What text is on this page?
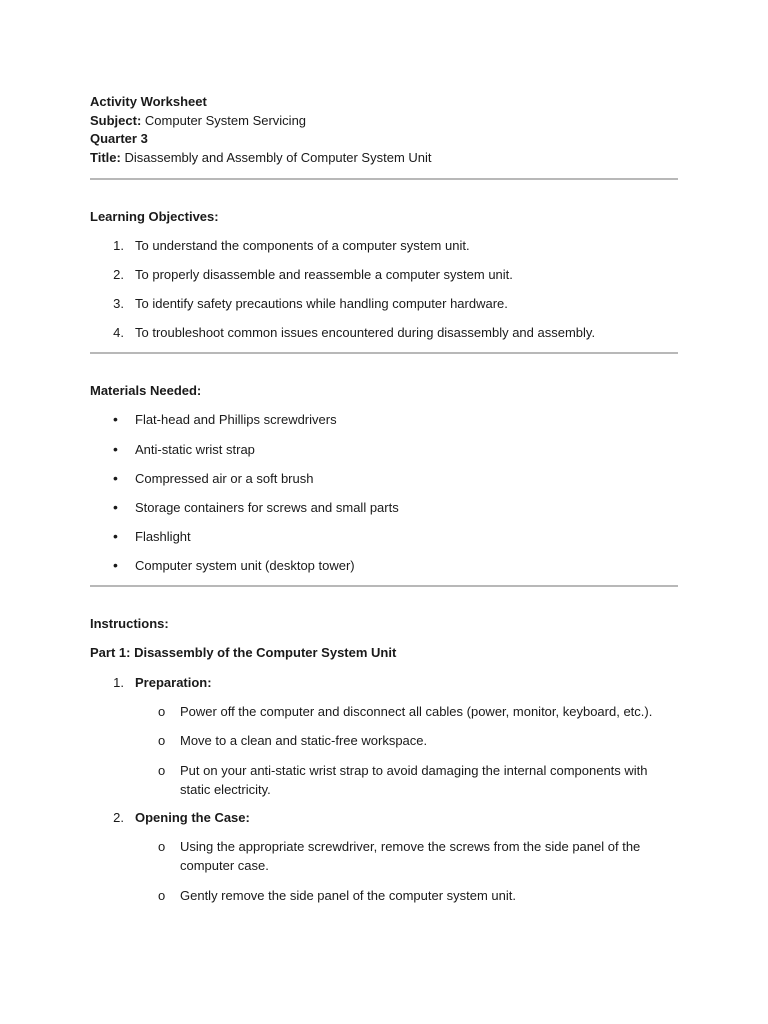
Activity Worksheet
Subject: Computer System Servicing
Quarter 3
Title: Disassembly and Assembly of Computer System Unit
Learning Objectives:
1. To understand the components of a computer system unit.
2. To properly disassemble and reassemble a computer system unit.
3. To identify safety precautions while handling computer hardware.
4. To troubleshoot common issues encountered during disassembly and assembly.
Materials Needed:
• Flat-head and Phillips screwdrivers
• Anti-static wrist strap
• Compressed air or a soft brush
• Storage containers for screws and small parts
• Flashlight
• Computer system unit (desktop tower)
Instructions:
Part 1: Disassembly of the Computer System Unit
1. Preparation:
o Power off the computer and disconnect all cables (power, monitor, keyboard, etc.).
o Move to a clean and static-free workspace.
o Put on your anti-static wrist strap to avoid damaging the internal components with static electricity.
2. Opening the Case:
o Using the appropriate screwdriver, remove the screws from the side panel of the computer case.
o Gently remove the side panel of the computer system unit.
